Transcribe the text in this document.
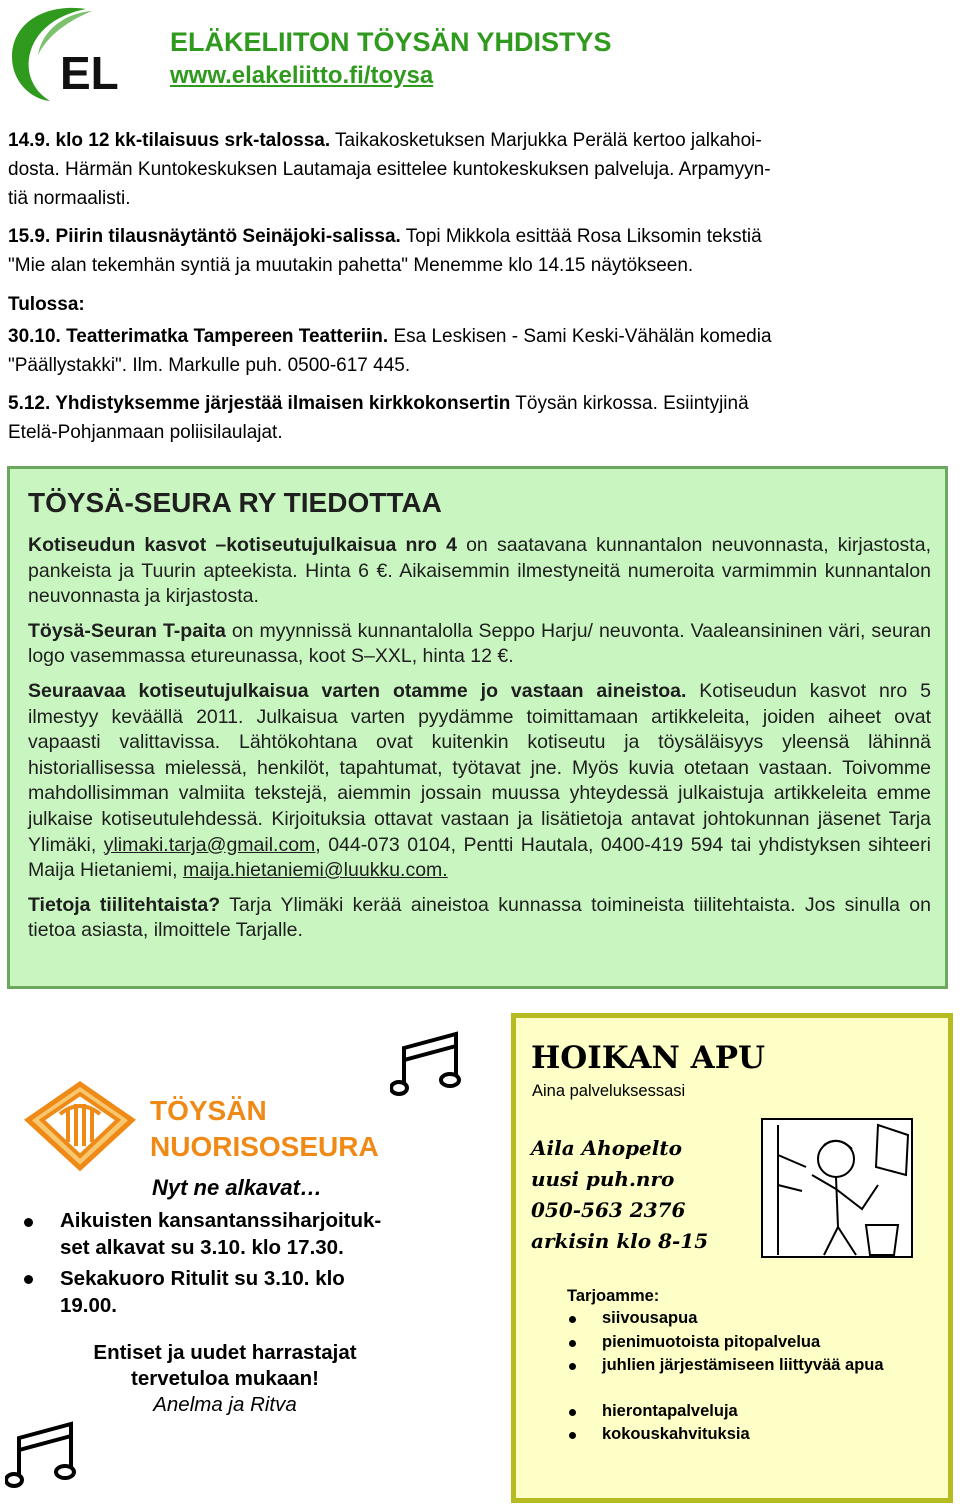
EL
ELÄKELIITON TÖYSÄN YHDISTYS
www.elakeliitto.fi/toysa
14.9. klo 12 kk-tilaisuus srk-talossa. Taikakosketuksen Marjukka Perälä kertoo jalkahoi-
dosta. Härmän Kuntokeskuksen Lautamaja esittelee kuntokeskuksen palveluja. Arpamyyn-
tiä normaalisti.
15.9. Piirin tilausnäytäntö Seinäjoki-salissa. Topi Mikkola esittää Rosa Liksomin tekstiä
"Mie alan tekemhän syntiä ja muutakin pahetta" Menemme klo 14.15 näytökseen.
Tulossa:
30.10. Teatterimatka Tampereen Teatteriin. Esa Leskisen - Sami Keski-Vähälän komedia
"Päällystakki". Ilm. Markulle puh. 0500-617 445.
5.12. Yhdistyksemme järjestää ilmaisen kirkkokonsertin Töysän kirkossa. Esiintyjinä
Etelä-Pohjanmaan poliisilaulajat.
TÖYSÄ-SEURA RY TIEDOTTAA

Kotiseudun kasvot –kotiseutujulkaisua nro 4 on saatavana kunnantalon neuvonnasta, kirjastosta, pankeista ja Tuurin apteekista. Hinta 6 €. Aikaisemmin ilmestyneitä numeroita varmimmin kunnantalon neuvonnasta ja kirjastosta.

Töysä-Seuran T-paita on myynnissä kunnantalolla Seppo Harju/ neuvonta. Vaaleansininen väri, seuran logo vasemmassa etureunassa, koot S–XXL, hinta 12 €.

Seuraavaa kotiseutujulkaisua varten otamme jo vastaan aineistoa. Kotiseudun kasvot nro 5 ilmestyy keväällä 2011. Julkaisua varten pyydämme toimittamaan artikkeleita, joiden aiheet ovat vapaasti valittavissa. Lähtökohtana ovat kuitenkin kotiseutu ja töysäläisyys yleensä lähinnä historiallisessa mielessä, henkilöt, tapahtumat, työtavat jne. Myös kuvia otetaan vastaan. Toivomme mahdollisimman valmiita tekstejä, aiemmin jossain muussa yhteydessä julkaistuja artikkeleita emme julkaise kotiseutulehdessä. Kirjoituksia ottavat vastaan ja lisätietoja antavat johtokunnan jäsenet Tarja Ylimäki, ylimaki.tarja@gmail.com, 044-073 0104, Pentti Hautala, 0400-419 594 tai yhdistyksen sihteeri Maija Hietaniemi, maija.hietaniemi@luukku.com.

Tietoja tiilitehtaista? Tarja Ylimäki kerää aineistoa kunnassa toimineista tiilitehtaista. Jos sinulla on tietoa asiasta, ilmoittele Tarjalle.

TÖYSÄN
NUORISOSEURA
Nyt ne alkavat…
Aikuisten kansantanssiharjoituk-
set alkavat su 3.10. klo 17.30.
Sekakuoro Ritulit su 3.10. klo
19.00.
Entiset ja uudet harrastajat
tervetuloa mukaan!
Anelma ja Ritva
HOIKAN APU
Aina palveluksessasi
Aila Ahopelto
uusi puh.nro
050-563 2376
arkisin klo 8-15
Tarjoamme:
siivousapua
pienimuotoista pitopalvelua
juhlien järjestämiseen liittyvää apua
hierontapalveluja
kokouskahvituksia
